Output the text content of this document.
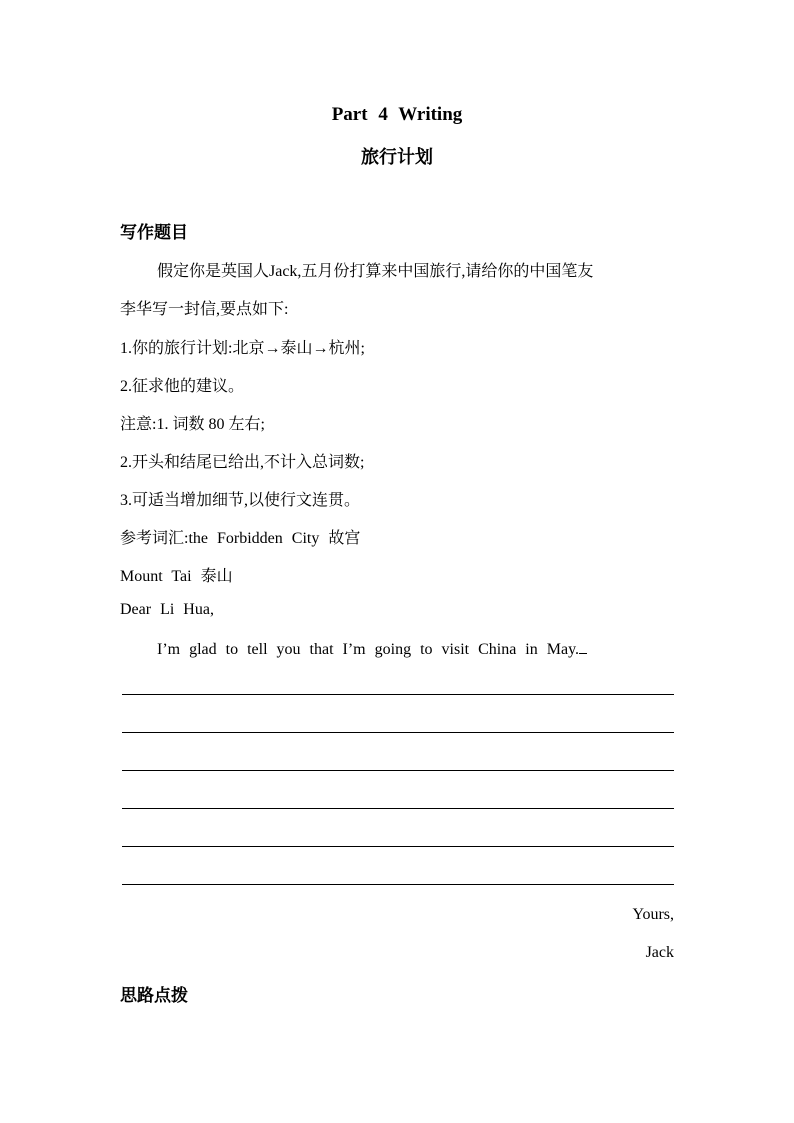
Part 4 Writing
旅行计划
写作题目
假定你是英国人Jack,五月份打算来中国旅行,请给你的中国笔友
李华写一封信,要点如下:
1.你的旅行计划:北京→泰山→杭州;
2.征求他的建议。
注意:1. 词数 80 左右;
2.开头和结尾已给出,不计入总词数;
3.可适当增加细节,以使行文连贯。
参考词汇:the Forbidden City 故宫
Mount Tai 泰山
Dear Li Hua,
I’m glad to tell you that I’m going to visit China in May.
Yours,
Jack
思路点拨
